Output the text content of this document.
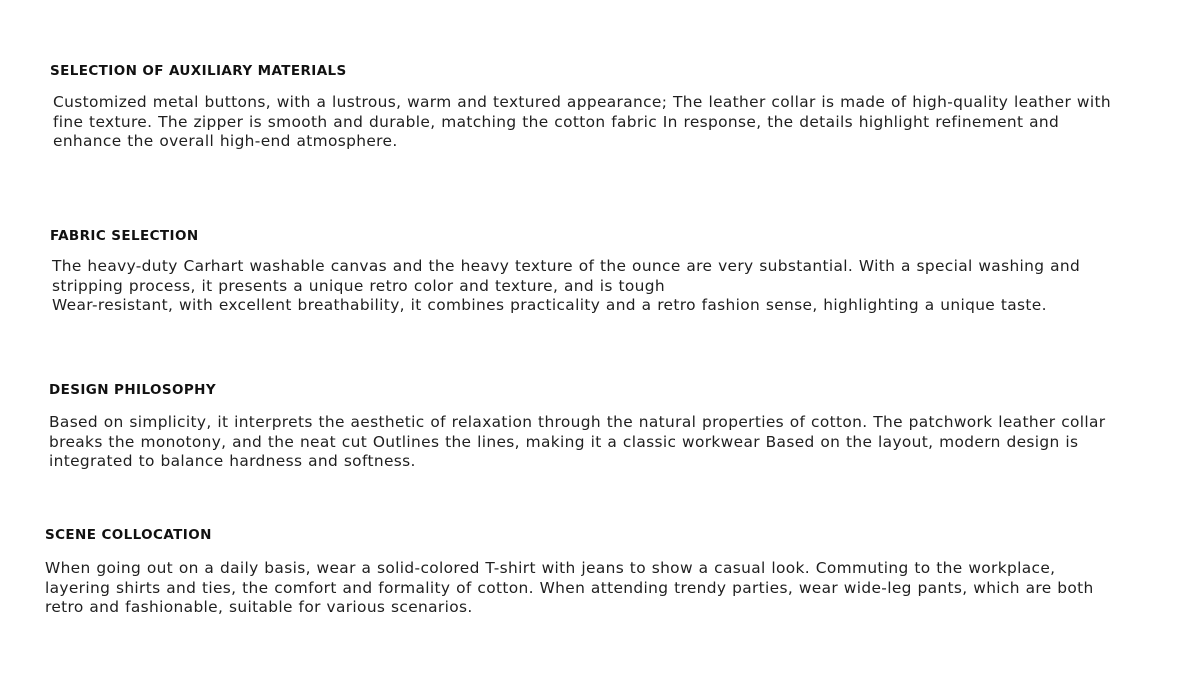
SELECTION OF AUXILIARY MATERIALS

Customized metal buttons, with a lustrous, warm and textured appearance; The leather collar is made of high-quality leather with
fine texture. The zipper is smooth and durable, matching the cotton fabric In response, the details highlight refinement and
enhance the overall high-end atmosphere.

FABRIC SELECTION

The heavy-duty Carhart washable canvas and the heavy texture of the ounce are very substantial. With a special washing and
stripping process, it presents a unique retro color and texture, and is tough
Wear-resistant, with excellent breathability, it combines practicality and a retro fashion sense, highlighting a unique taste.

DESIGN PHILOSOPHY

Based on simplicity, it interprets the aesthetic of relaxation through the natural properties of cotton. The patchwork leather collar
breaks the monotony, and the neat cut Outlines the lines, making it a classic workwear Based on the layout, modern design is
integrated to balance hardness and softness.

SCENE COLLOCATION

When going out on a daily basis, wear a solid-colored T-shirt with jeans to show a casual look. Commuting to the workplace,
layering shirts and ties, the comfort and formality of cotton. When attending trendy parties, wear wide-leg pants, which are both
retro and fashionable, suitable for various scenarios.
